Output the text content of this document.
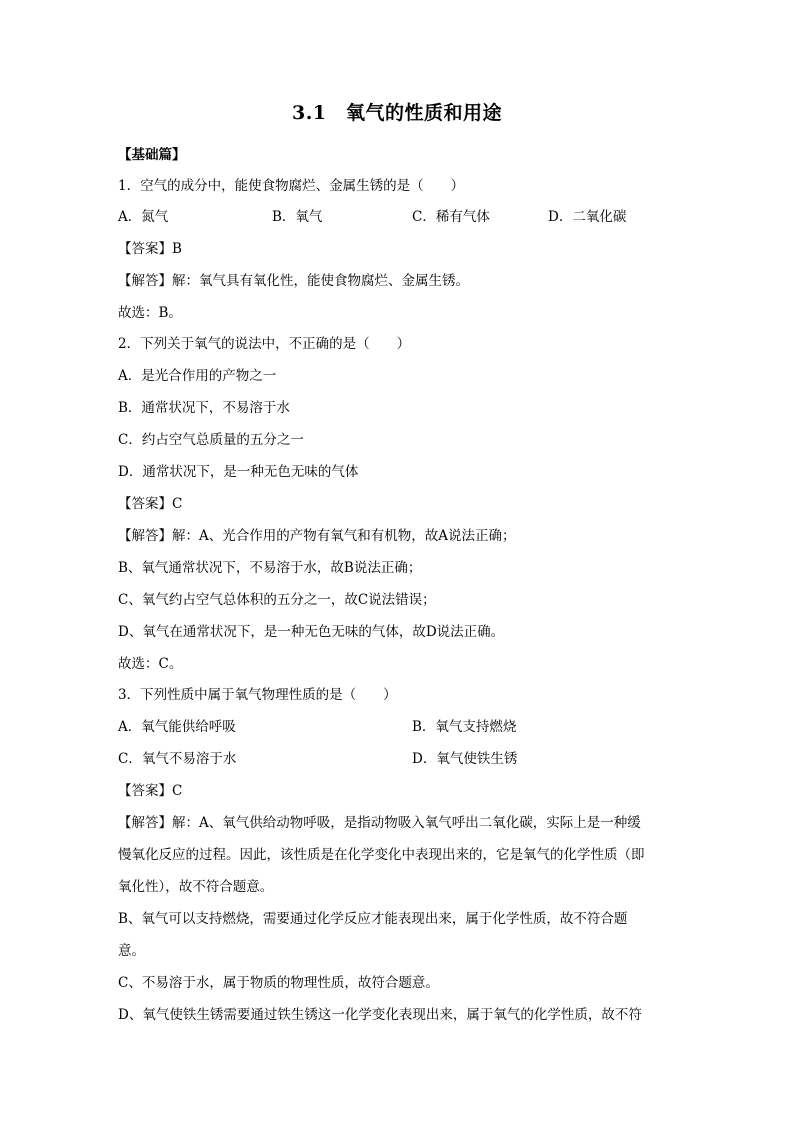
3.1　氧气的性质和用途
【基础篇】
1．空气的成分中，能使食物腐烂、金属生锈的是（　　）
A．氮气	B．氧气	C．稀有气体	D．二氧化碳
【答案】B
【解答】解：氧气具有氧化性，能使食物腐烂、金属生锈。
故选：B。
2．下列关于氧气的说法中，不正确的是（　　）
A．是光合作用的产物之一
B．通常状况下，不易溶于水
C．约占空气总质量的五分之一
D．通常状况下，是一种无色无味的气体
【答案】C
【解答】解：A、光合作用的产物有氧气和有机物，故A说法正确；
B、氧气通常状况下，不易溶于水，故B说法正确；
C、氧气约占空气总体积的五分之一，故C说法错误；
D、氧气在通常状况下，是一种无色无味的气体，故D说法正确。
故选：C。
3．下列性质中属于氧气物理性质的是（　　）
A．氧气能供给呼吸	B．氧气支持燃烧
C．氧气不易溶于水	D．氧气使铁生锈
【答案】C
【解答】解：A、氧气供给动物呼吸，是指动物吸入氧气呼出二氧化碳，实际上是一种缓
慢氧化反应的过程。因此，该性质是在化学变化中表现出来的，它是氧气的化学性质（即
氧化性），故不符合题意。
B、氧气可以支持燃烧，需要通过化学反应才能表现出来，属于化学性质，故不符合题
意。
C、不易溶于水，属于物质的物理性质，故符合题意。
D、氧气使铁生锈需要通过铁生锈这一化学变化表现出来，属于氧气的化学性质，故不符
